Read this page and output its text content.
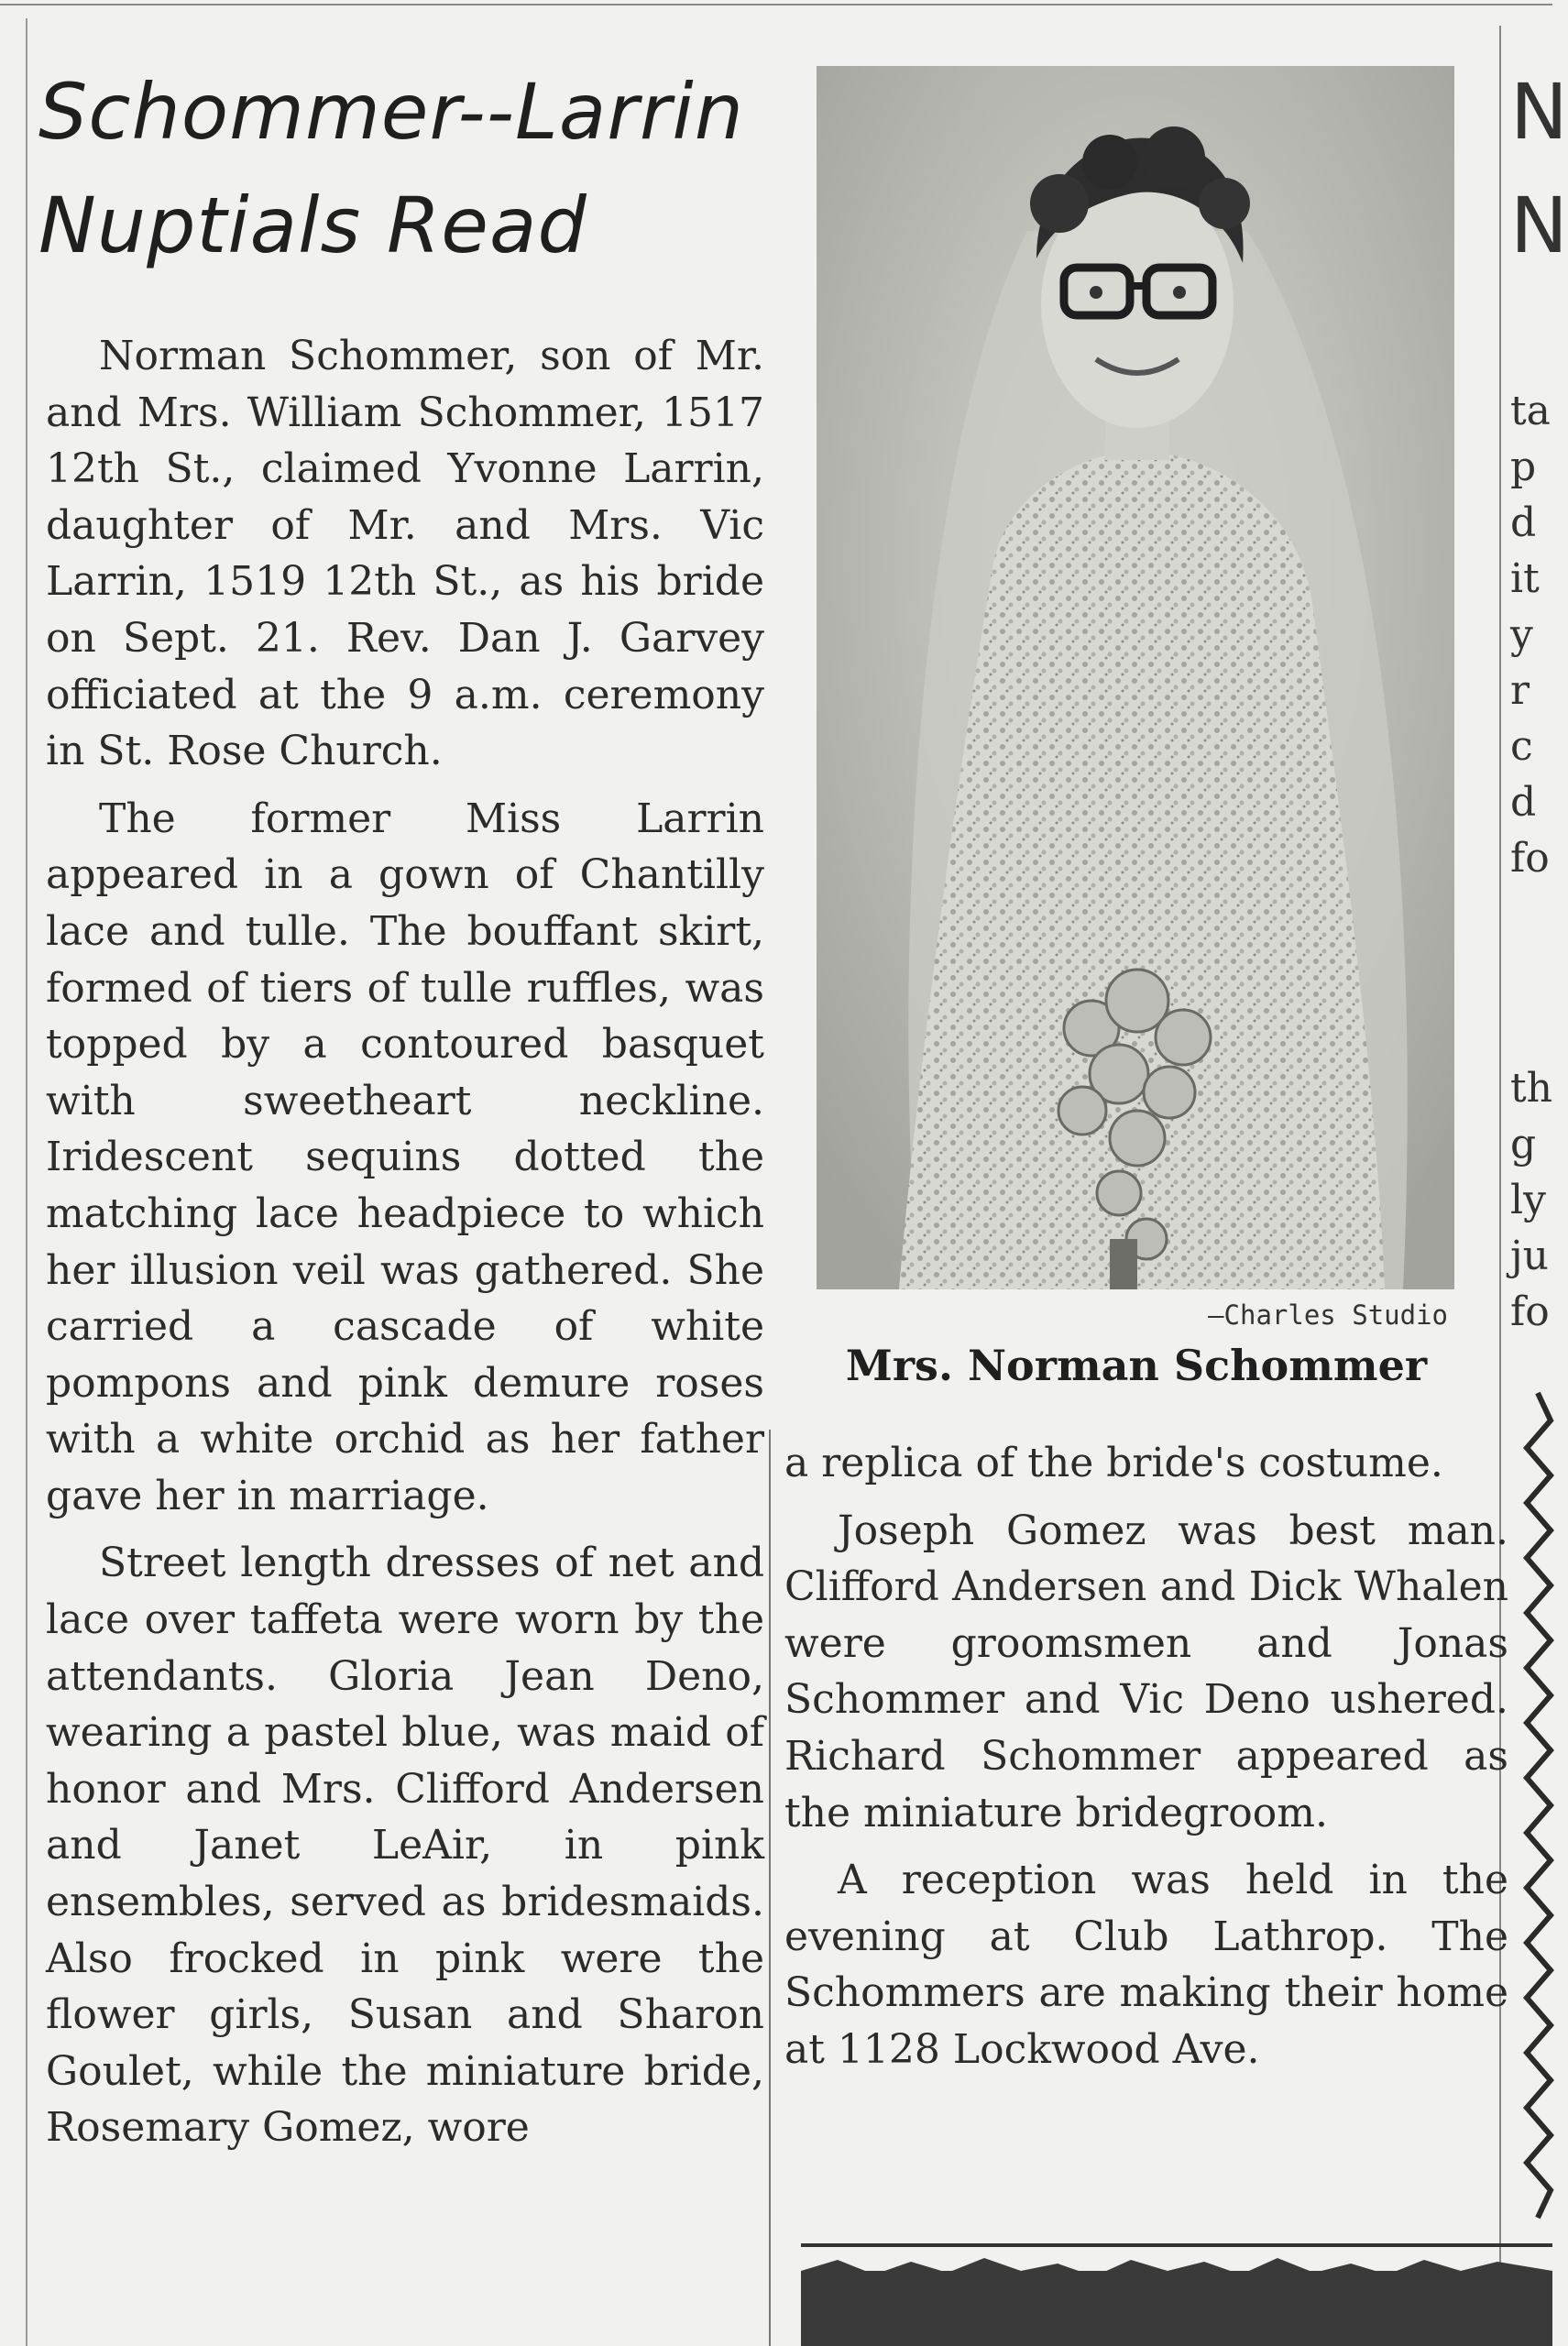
Schommer--Larrin
Nuptials Read

Norman Schommer, son of Mr. and Mrs. William Schommer, 1517 12th St., claimed Yvonne Larrin, daughter of Mr. and Mrs. Vic Larrin, 1519 12th St., as his bride on Sept. 21. Rev. Dan J. Garvey officiated at the 9 a.m. ceremony in St. Rose Church.

The former Miss Larrin appeared in a gown of Chantilly lace and tulle. The bouffant skirt, formed of tiers of tulle ruffles, was topped by a contoured basquet with sweetheart neckline. Iridescent sequins dotted the matching lace headpiece to which her illusion veil was gathered. She carried a cascade of white pompons and pink demure roses with a white orchid as her father gave her in marriage.

Street length dresses of net and lace over taffeta were worn by the attendants. Gloria Jean Deno, wearing a pastel blue, was maid of honor and Mrs. Clifford Andersen and Janet LeAir, in pink ensembles, served as bridesmaids. Also frocked in pink were the flower girls, Susan and Sharon Goulet, while the miniature bride, Rosemary Gomez, wore

—Charles Studio
Mrs. Norman Schommer

a replica of the bride's costume.

Joseph Gomez was best man. Clifford Andersen and Dick Whalen were groomsmen and Jonas Schommer and Vic Deno ushered. Richard Schommer appeared as the miniature bridegroom.

A reception was held in the evening at Club Lathrop. The Schommers are making their home at 1128 Lockwood Ave.

N
N
ta
p
d
it
y
r
c
d
fo
th
g
ly
ju
fo
